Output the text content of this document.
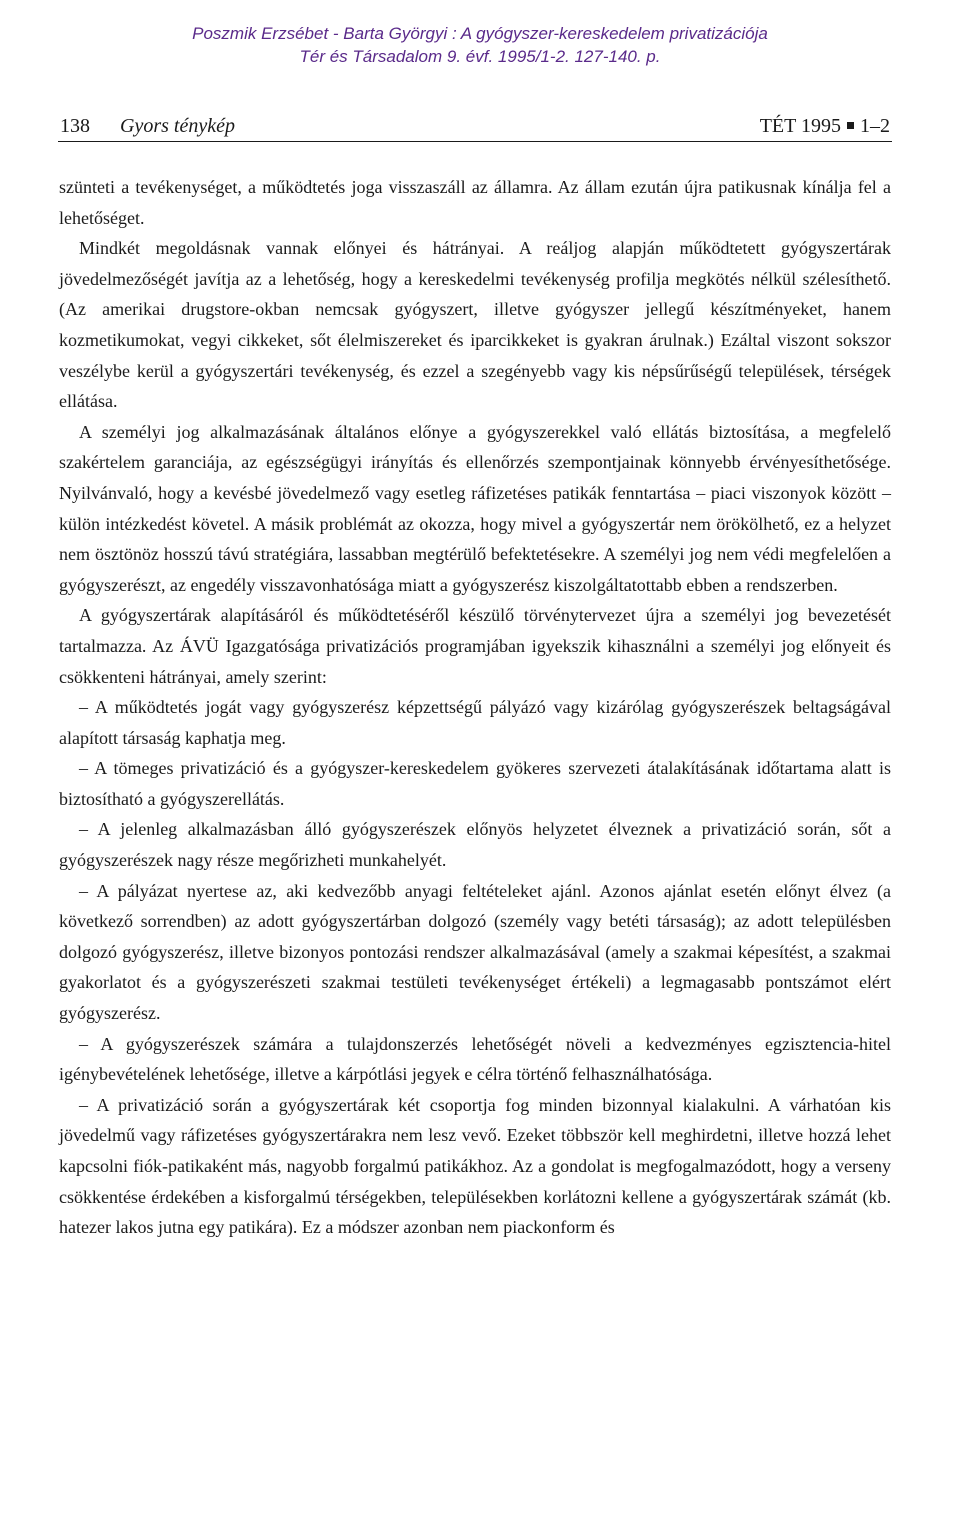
Poszmik Erzsébet - Barta Györgyi : A gyógyszer-kereskedelem privatizációja
Tér és Társadalom 9. évf. 1995/1-2. 127-140. p.
138 Gyors ténykép	TÉT 1995 1–2

szünteti a tevékenységet, a működtetés joga visszaszáll az államra. Az állam ezután újra patikusnak kínálja fel a lehetőséget.

Mindkét megoldásnak vannak előnyei és hátrányai. A reáljog alapján működtetett gyógyszertárak jövedelmezőségét javítja az a lehetőség, hogy a kereskedelmi tevékenység profilja megkötés nélkül szélesíthető. (Az amerikai drugstore-okban nemcsak gyógyszert, illetve gyógyszer jellegű készítményeket, hanem kozmetikumokat, vegyi cikkeket, sőt élelmiszereket és iparcikkeket is gyakran árulnak.) Ezáltal viszont sokszor veszélybe kerül a gyógyszertári tevékenység, és ezzel a szegényebb vagy kis népsűrűségű települések, térségek ellátása.

A személyi jog alkalmazásának általános előnye a gyógyszerekkel való ellátás biztosítása, a megfelelő szakértelem garanciája, az egészségügyi irányítás és ellenőrzés szempontjainak könnyebb érvényesíthetősége. Nyilvánvaló, hogy a kevésbé jövedelmező vagy esetleg ráfizetéses patikák fenntartása – piaci viszonyok között – külön intézkedést követel. A másik problémát az okozza, hogy mivel a gyógyszertár nem örökölhető, ez a helyzet nem ösztönöz hosszú távú stratégiára, lassabban megtérülő befektetésekre. A személyi jog nem védi megfelelően a gyógyszerészt, az engedély visszavonhatósága miatt a gyógyszerész kiszolgáltatottabb ebben a rendszerben.

A gyógyszertárak alapításáról és működtetéséről készülő törvénytervezet újra a személyi jog bevezetését tartalmazza. Az ÁVÜ Igazgatósága privatizációs programjában igyekszik kihasználni a személyi jog előnyeit és csökkenteni hátrányai, amely szerint:

– A működtetés jogát vagy gyógyszerész képzettségű pályázó vagy kizárólag gyógyszerészek beltagságával alapított társaság kaphatja meg.

– A tömeges privatizáció és a gyógyszer-kereskedelem gyökeres szervezeti átalakításának időtartama alatt is biztosítható a gyógyszerellátás.

– A jelenleg alkalmazásban álló gyógyszerészek előnyös helyzetet élveznek a privatizáció során, sőt a gyógyszerészek nagy része megőrizheti munkahelyét.

– A pályázat nyertese az, aki kedvezőbb anyagi feltételeket ajánl. Azonos ajánlat esetén előnyt élvez (a következő sorrendben) az adott gyógyszertárban dolgozó (személy vagy betéti társaság); az adott településben dolgozó gyógyszerész, illetve bizonyos pontozási rendszer alkalmazásával (amely a szakmai képesítést, a szakmai gyakorlatot és a gyógyszerészeti szakmai testületi tevékenységet értékeli) a legmagasabb pontszámot elért gyógyszerész.

– A gyógyszerészek számára a tulajdonszerzés lehetőségét növeli a kedvezményes egzisztencia-hitel igénybevételének lehetősége, illetve a kárpótlási jegyek e célra történő felhasználhatósága.

– A privatizáció során a gyógyszertárak két csoportja fog minden bizonnyal kialakulni. A várhatóan kis jövedelmű vagy ráfizetéses gyógyszertárakra nem lesz vevő. Ezeket többször kell meghirdetni, illetve hozzá lehet kapcsolni fiók-patikaként más, nagyobb forgalmú patikákhoz. Az a gondolat is megfogalmazódott, hogy a verseny csökkentése érdekében a kisforgalmú térségekben, településekben korlátozni kellene a gyógyszertárak számát (kb. hatezer lakos jutna egy patikára). Ez a módszer azonban nem piackonform és
